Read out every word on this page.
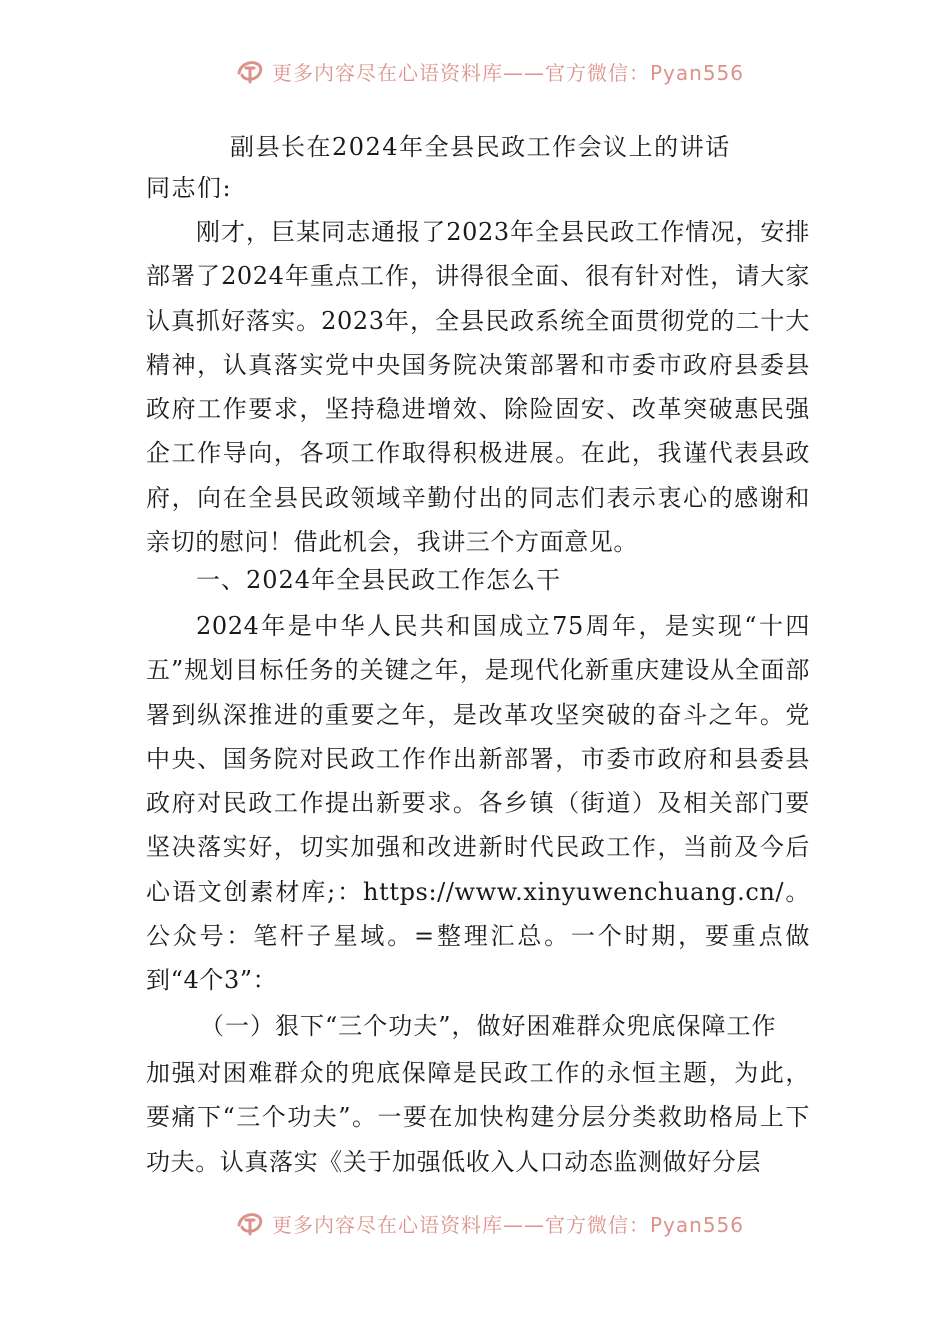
更多内容尽在心语资料库——官方微信：Pyan556
副县长在2024年全县民政工作会议上的讲话
同志们:

刚才，巨某同志通报了2023年全县民政工作情况，安排部署了2024年重点工作，讲得很全面、很有针对性，请大家认真抓好落实。2023年，全县民政系统全面贯彻党的二十大精神，认真落实党中央国务院决策部署和市委市政府县委县政府工作要求，坚持稳进增效、除险固安、改革突破惠民强企工作导向，各项工作取得积极进展。在此，我谨代表县政府，向在全县民政领域辛勤付出的同志们表示衷心的感谢和亲切的慰问！借此机会，我讲三个方面意见。

一、2024年全县民政工作怎么干

2024年是中华人民共和国成立75周年，是实现“十四五”规划目标任务的关键之年，是现代化新重庆建设从全面部署到纵深推进的重要之年，是改革攻坚突破的奋斗之年。党中央、国务院对民政工作作出新部署，市委市政府和县委县政府对民政工作提出新要求。各乡镇（街道）及相关部门要坚决落实好，切实加强和改进新时代民政工作，当前及今后心语文创素材库;：https://www.xinyuwenchuang.cn/。公众号：笔杆子星域。=整理汇总。一个时期，要重点做到“4个3”：

（一）狠下“三个功夫”，做好困难群众兜底保障工作

加强对困难群众的兜底保障是民政工作的永恒主题，为此，要痛下“三个功夫”。一要在加快构建分层分类救助格局上下功夫。认真落实《关于加强低收入人口动态监测做好分层

更多内容尽在心语资料库——官方微信：Pyan556
